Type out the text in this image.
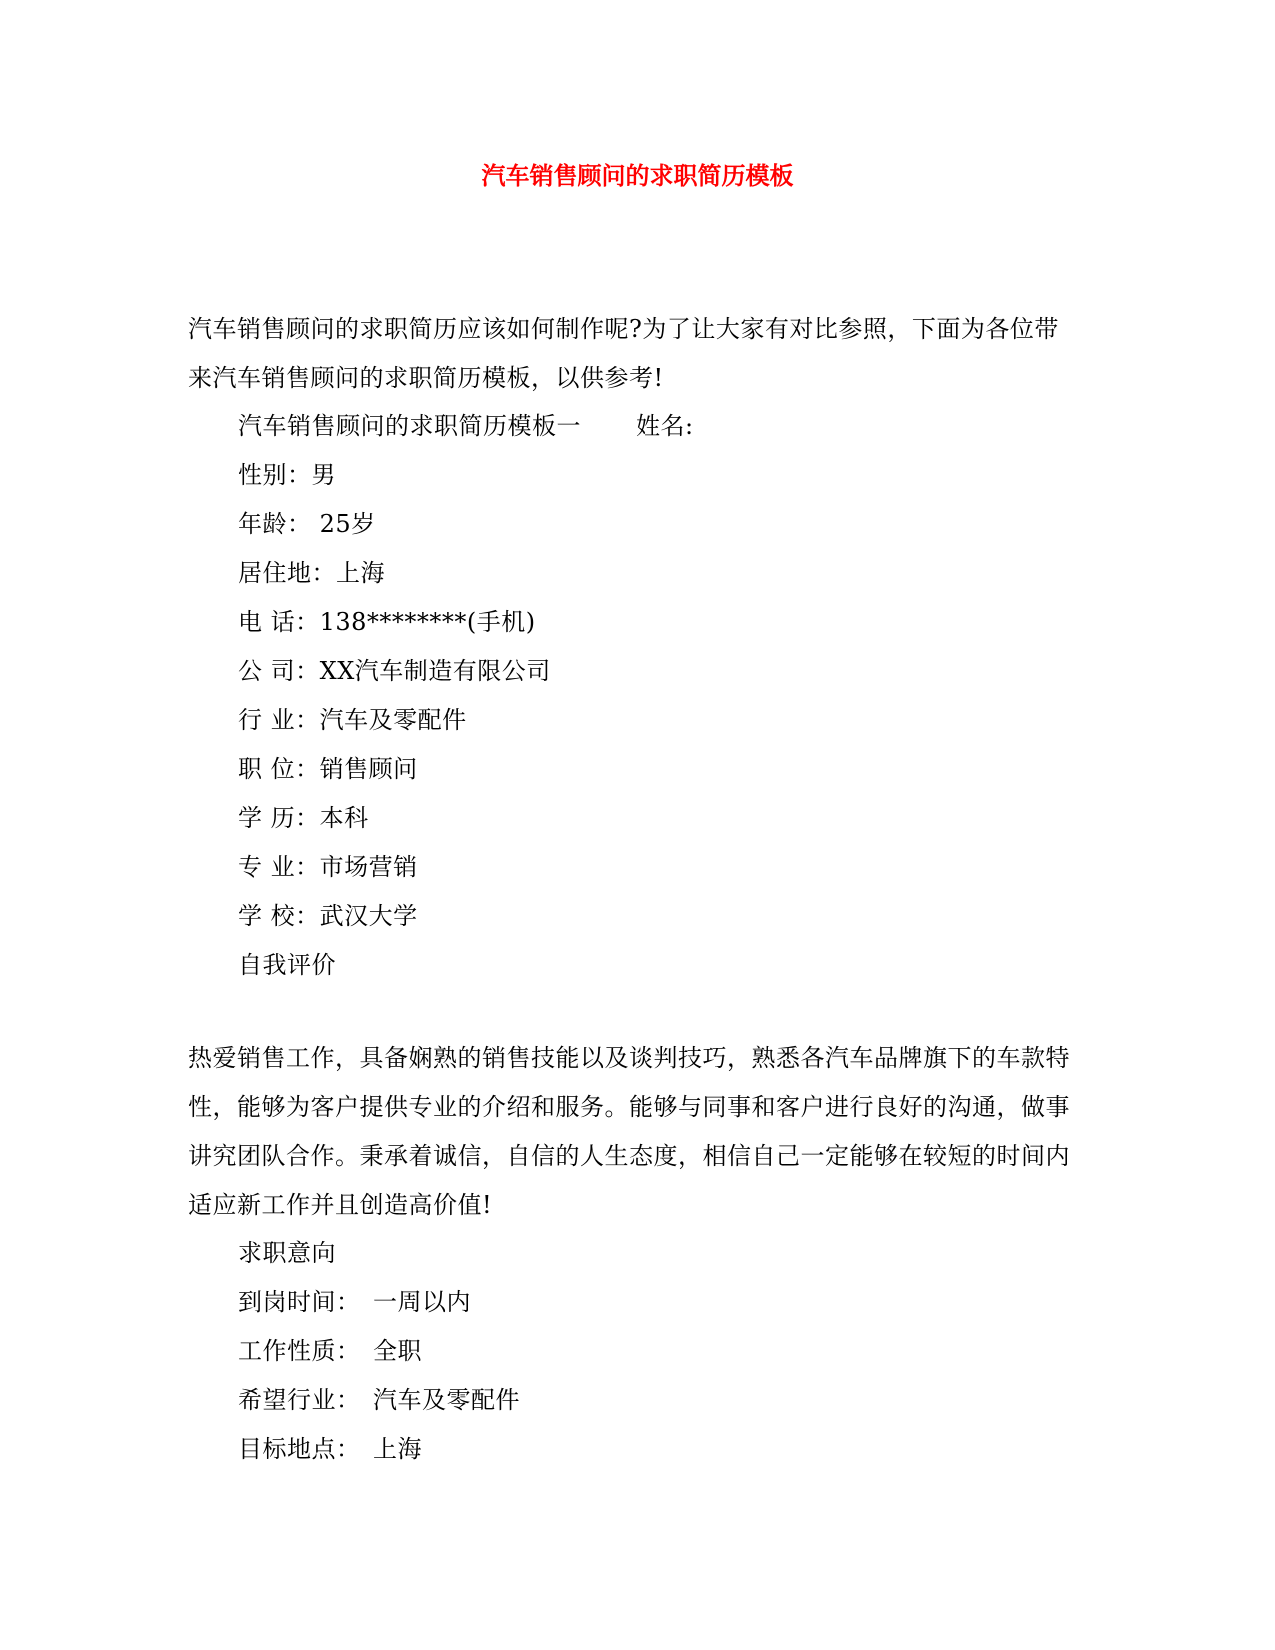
汽车销售顾问的求职简历模板
汽车销售顾问的求职简历应该如何制作呢?为了让大家有对比参照，下面为各位带
来汽车销售顾问的求职简历模板，以供参考!
汽车销售顾问的求职简历模板一 姓名:
性别：男
年龄： 25岁
居住地：上海
电 话：138********(手机)
公 司：XX汽车制造有限公司
行 业：汽车及零配件
职 位：销售顾问
学 历：本科
专 业：市场营销
学 校：武汉大学
自我评价
热爱销售工作，具备娴熟的销售技能以及谈判技巧，熟悉各汽车品牌旗下的车款特
性，能够为客户提供专业的介绍和服务。能够与同事和客户进行良好的沟通，做事
讲究团队合作。秉承着诚信，自信的人生态度，相信自己一定能够在较短的时间内
适应新工作并且创造高价值!
求职意向
到岗时间： 一周以内
工作性质： 全职
希望行业： 汽车及零配件
目标地点： 上海
